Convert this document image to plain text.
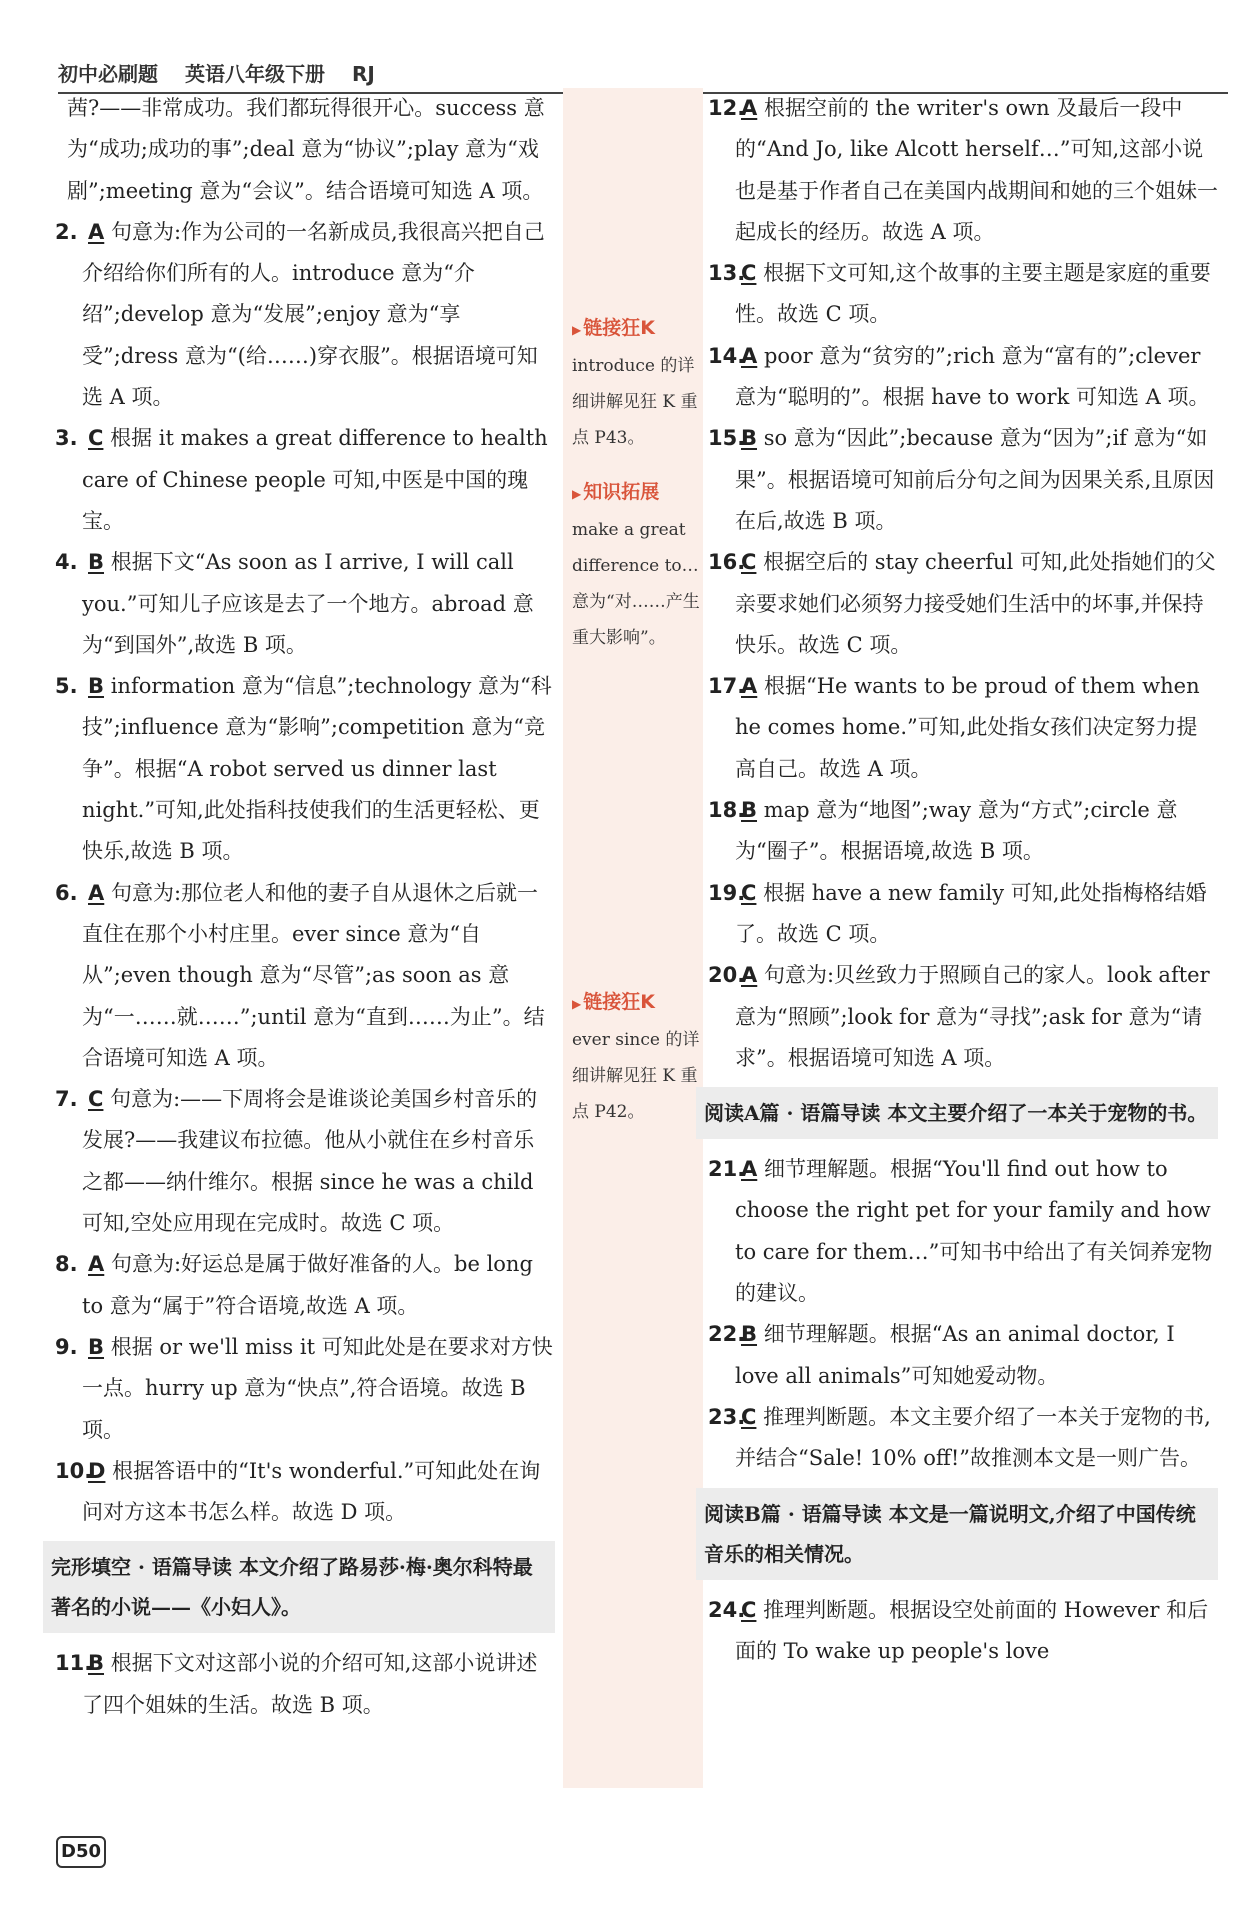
初中必刷题 英语八年级下册 RJ
茜?——非常成功。我们都玩得很开心。success 意为“成功;成功的事”;deal 意为“协议”;play 意为“戏剧”;meeting 意为“会议”。结合语境可知选 A 项。
2. A 句意为:作为公司的一名新成员,我很高兴把自己介绍给你们所有的人。introduce 意为“介绍”;develop 意为“发展”;enjoy 意为“享受”;dress 意为“(给……)穿衣服”。根据语境可知选 A 项。
3. C 根据 it makes a great difference to health care of Chinese people 可知,中医是中国的瑰宝。
4. B 根据下文“As soon as I arrive, I will call you.”可知儿子应该是去了一个地方。abroad 意为“到国外”,故选 B 项。
5. B information 意为“信息”;technology 意为“科技”;influence 意为“影响”;competition 意为“竞争”。根据“A robot served us dinner last night.”可知,此处指科技使我们的生活更轻松、更快乐,故选 B 项。
6. A 句意为:那位老人和他的妻子自从退休之后就一直住在那个小村庄里。ever since 意为“自从”;even though 意为“尽管”;as soon as 意为“一……就……”;until 意为“直到……为止”。结合语境可知选 A 项。
7. C 句意为:——下周将会是谁谈论美国乡村音乐的发展?——我建议布拉德。他从小就住在乡村音乐之都——纳什维尔。根据 since he was a child 可知,空处应用现在完成时。故选 C 项。
8. A 句意为:好运总是属于做好准备的人。be long to 意为“属于”符合语境,故选 A 项。
9. B 根据 or we'll miss it 可知此处是在要求对方快一点。hurry up 意为“快点”,符合语境。故选 B 项。
10.
D 根据答语中的“It's wonderful.”可知此处在询问对方这本书怎么样。故选 D 项。
完形填空 · 语篇导读 本文介绍了路易莎·梅·奥尔科特最著名的小说——《小妇人》。
11.
B 根据下文对这部小说的介绍可知,这部小说讲述了四个姐妹的生活。故选 B 项。
▶ 链接狂K
introduce 的详细讲解见狂 K 重点 P43。
▶ 知识拓展
make a great difference to… 意为“对……产生重大影响”。
▶ 链接狂K
ever since 的详细讲解见狂 K 重点 P42。
12.
A 根据空前的 the writer's own 及最后一段中的“And Jo, like Alcott herself…”可知,这部小说也是基于作者自己在美国内战期间和她的三个姐妹一起成长的经历。故选 A 项。
13.
C 根据下文可知,这个故事的主要主题是家庭的重要性。故选 C 项。
14.
A poor 意为“贫穷的”;rich 意为“富有的”;clever 意为“聪明的”。根据 have to work 可知选 A 项。
15.
B so 意为“因此”;because 意为“因为”;if 意为“如果”。根据语境可知前后分句之间为因果关系,且原因在后,故选 B 项。
16.
C 根据空后的 stay cheerful 可知,此处指她们的父亲要求她们必须努力接受她们生活中的坏事,并保持快乐。故选 C 项。
17.
A 根据“He wants to be proud of them when he comes home.”可知,此处指女孩们决定努力提高自己。故选 A 项。
18.
B map 意为“地图”;way 意为“方式”;circle 意为“圈子”。根据语境,故选 B 项。
19.
C 根据 have a new family 可知,此处指梅格结婚了。故选 C 项。
20.
A 句意为:贝丝致力于照顾自己的家人。look after 意为“照顾”;look for 意为“寻找”;ask for 意为“请求”。根据语境可知选 A 项。
阅读A篇 · 语篇导读 本文主要介绍了一本关于宠物的书。
21.
A 细节理解题。根据“You'll find out how to choose the right pet for your family and how to care for them…”可知书中给出了有关饲养宠物的建议。
22.
B 细节理解题。根据“As an animal doctor, I love all animals”可知她爱动物。
23.
C 推理判断题。本文主要介绍了一本关于宠物的书,并结合“Sale! 10% off!”故推测本文是一则广告。
阅读B篇 · 语篇导读 本文是一篇说明文,介绍了中国传统音乐的相关情况。
24.
C 推理判断题。根据设空处前面的 However 和后面的 To wake up people's love
D50
